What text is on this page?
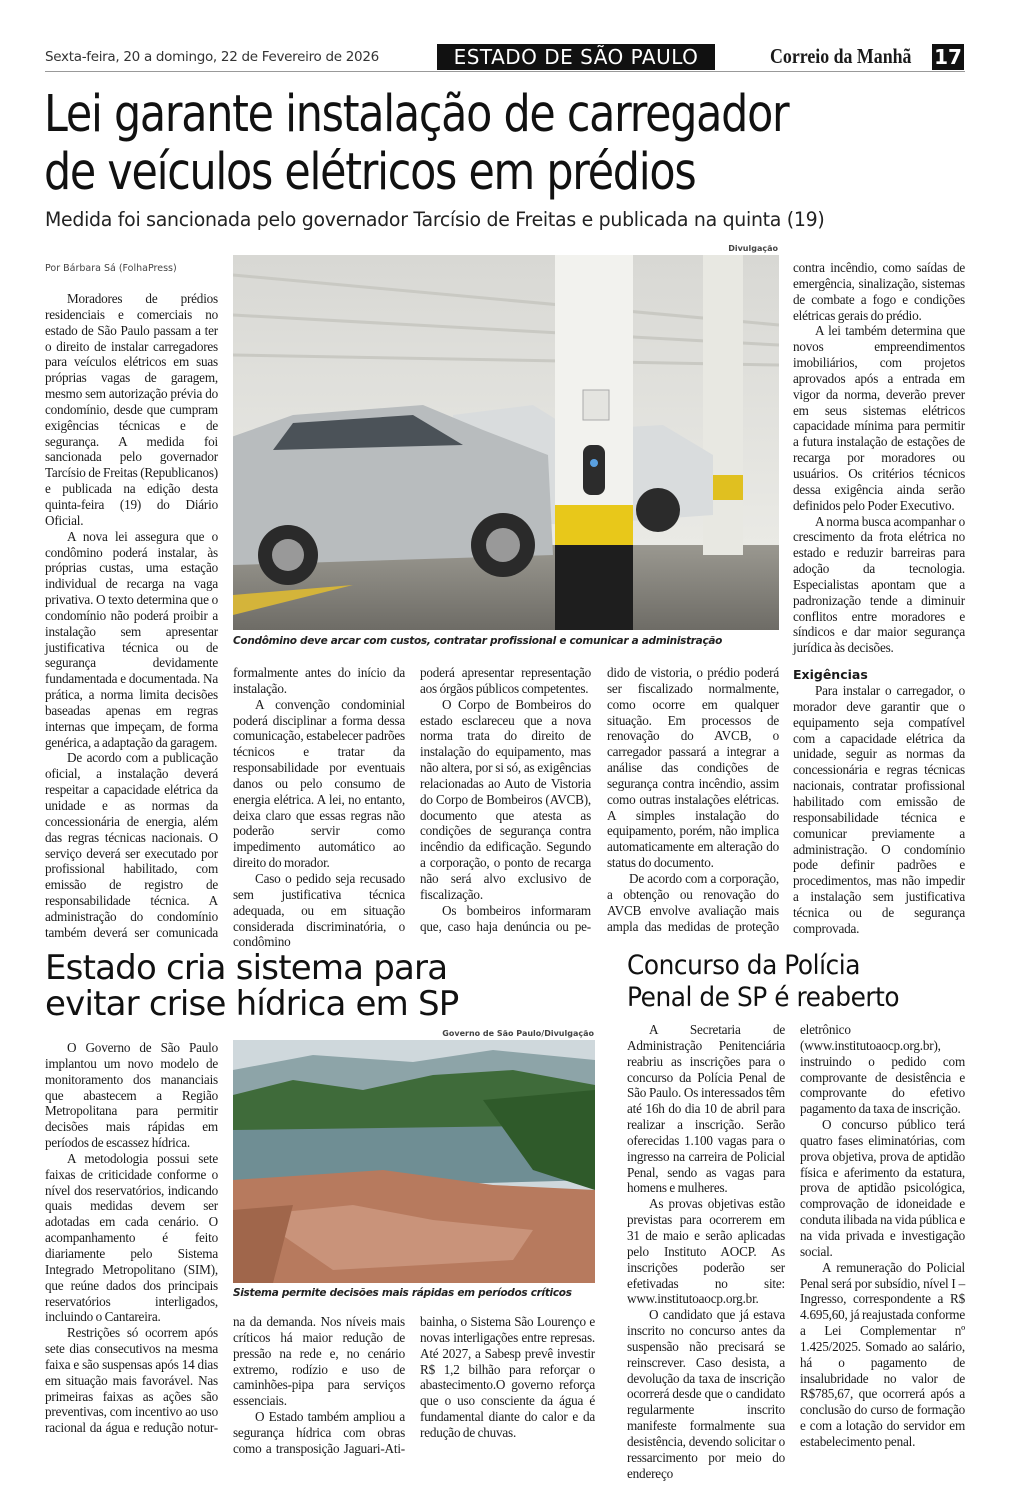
Sexta-feira, 20 a domingo, 22 de Fevereiro de 2026	ESTADO DE SÃO PAULO	Correio da Manhã 17
Lei garante instalação de carregador
de veículos elétricos em prédios
Medida foi sancionada pelo governador Tarcísio de Freitas e publicada na quinta (19)
Por Bárbara Sá (FolhaPress)
Divulgação
Condômino deve arcar com custos, contratar profissional e comunicar a administração

Moradores de prédios residenciais e comerciais no estado de São Paulo passam a ter o direito de instalar carregadores para veículos elétricos em suas próprias vagas de garagem, mesmo sem autorização prévia do condomínio, desde que cumpram exigências técnicas e de segurança. A medida foi sancionada pelo governador Tarcísio de Freitas (Republicanos) e publicada na edição desta quinta-feira (19) do Diário Oficial.

A nova lei assegura que o condômino poderá instalar, às próprias custas, uma estação individual de recarga na vaga privativa. O texto determina que o condomínio não poderá proibir a instalação sem apresentar justificativa técnica ou de segurança devidamente fundamentada e documentada. Na prática, a norma limita decisões baseadas apenas em regras internas que impeçam, de forma genérica, a adaptação da garagem.

De acordo com a publicação oficial, a instalação deverá respeitar a capacidade elétrica da unidade e as normas da concessionária de energia, além das regras técnicas nacionais. O serviço deverá ser executado por profissional habilitado, com emissão de registro de responsabilidade técnica. A administração do condomínio também deverá ser comunicada

formalmente antes do início da instalação.

A convenção condominial poderá disciplinar a forma dessa comunicação, estabelecer padrões técnicos e tratar da responsabilidade por eventuais danos ou pelo consumo de energia elétrica. A lei, no entanto, deixa claro que essas regras não poderão servir como impedimento automático ao direito do morador.

Caso o pedido seja recusado sem justificativa técnica adequada, ou em situação considerada discriminatória, o condômino

poderá apresentar representação aos órgãos públicos competentes.

O Corpo de Bombeiros do estado esclareceu que a nova norma trata do direito de instalação do equipamento, mas não altera, por si só, as exigências relacionadas ao Auto de Vistoria do Corpo de Bombeiros (AVCB), documento que atesta as condições de segurança contra incêndio da edificação. Segundo a corporação, o ponto de recarga não será alvo exclusivo de fiscalização.

Os bombeiros informaram que, caso haja denúncia ou pe-

dido de vistoria, o prédio poderá ser fiscalizado normalmente, como ocorre em qualquer situação. Em processos de renovação do AVCB, o carregador passará a integrar a análise das condições de segurança contra incêndio, assim como outras instalações elétricas. A simples instalação do equipamento, porém, não implica automaticamente em alteração do status do documento.

De acordo com a corporação, a obtenção ou renovação do AVCB envolve avaliação mais ampla das medidas de proteção

contra incêndio, como saídas de emergência, sinalização, sistemas de combate a fogo e condições elétricas gerais do prédio.

A lei também determina que novos empreendimentos imobiliários, com projetos aprovados após a entrada em vigor da norma, deverão prever em seus sistemas elétricos capacidade mínima para permitir a futura instalação de estações de recarga por moradores ou usuários. Os critérios técnicos dessa exigência ainda serão definidos pelo Poder Executivo.

A norma busca acompanhar o crescimento da frota elétrica no estado e reduzir barreiras para adoção da tecnologia. Especialistas apontam que a padronização tende a diminuir conflitos entre moradores e síndicos e dar maior segurança jurídica às decisões.

Exigências

Para instalar o carregador, o morador deve garantir que o equipamento seja compatível com a capacidade elétrica da unidade, seguir as normas da concessionária e regras técnicas nacionais, contratar profissional habilitado com emissão de responsabilidade técnica e comunicar previamente a administração. O condomínio pode definir padrões e procedimentos, mas não impedir a instalação sem justificativa técnica ou de segurança comprovada.

Estado cria sistema para
evitar crise hídrica em SP
Governo de São Paulo/Divulgação
Sistema permite decisões mais rápidas em períodos críticos

O Governo de São Paulo implantou um novo modelo de monitoramento dos mananciais que abastecem a Região Metropolitana para permitir decisões mais rápidas em períodos de escassez hídrica.

A metodologia possui sete faixas de criticidade conforme o nível dos reservatórios, indicando quais medidas devem ser adotadas em cada cenário. O acompanhamento é feito diariamente pelo Sistema Integrado Metropolitano (SIM), que reúne dados dos principais reservatórios interligados, incluindo o Cantareira.

Restrições só ocorrem após sete dias consecutivos na mesma faixa e são suspensas após 14 dias em situação mais favorável. Nas primeiras faixas as ações são preventivas, com incentivo ao uso racional da água e redução notur-

na da demanda. Nos níveis mais críticos há maior redução de pressão na rede e, no cenário extremo, rodízio e uso de caminhões-pipa para serviços essenciais.

O Estado também ampliou a segurança hídrica com obras como a transposição Jaguari-Ati-

bainha, o Sistema São Lourenço e novas interligações entre represas. Até 2027, a Sabesp prevê investir R$ 1,2 bilhão para reforçar o abastecimento.O governo reforça que o uso consciente da água é fundamental diante do calor e da redução de chuvas.

Concurso da Polícia
Penal de SP é reaberto

A Secretaria de Administração Penitenciária reabriu as inscrições para o concurso da Polícia Penal de São Paulo. Os interessados têm até 16h do dia 10 de abril para realizar a inscrição. Serão oferecidas 1.100 vagas para o ingresso na carreira de Policial Penal, sendo as vagas para homens e mulheres.

As provas objetivas estão previstas para ocorrerem em 31 de maio e serão aplicadas pelo Instituto AOCP. As inscrições poderão ser efetivadas no site: www.institutoaocp.org.br.

O candidato que já estava inscrito no concurso antes da suspensão não precisará se reinscrever. Caso desista, a devolução da taxa de inscrição ocorrerá desde que o candidato regularmente inscrito manifeste formalmente sua desistência, devendo solicitar o ressarcimento por meio do endereço

eletrônico (www.institutoaocp.org.br), instruindo o pedido com comprovante de desistência e comprovante do efetivo pagamento da taxa de inscrição.

O concurso público terá quatro fases eliminatórias, com prova objetiva, prova de aptidão física e aferimento da estatura, prova de aptidão psicológica, comprovação de idoneidade e conduta ilibada na vida pública e na vida privada e investigação social.

A remuneração do Policial Penal será por subsídio, nível I – Ingresso, correspondente a R$ 4.695,60, já reajustada conforme a Lei Complementar nº 1.425/2025. Somado ao salário, há o pagamento de insalubridade no valor de R$785,67, que ocorrerá após a conclusão do curso de formação e com a lotação do servidor em estabelecimento penal.
